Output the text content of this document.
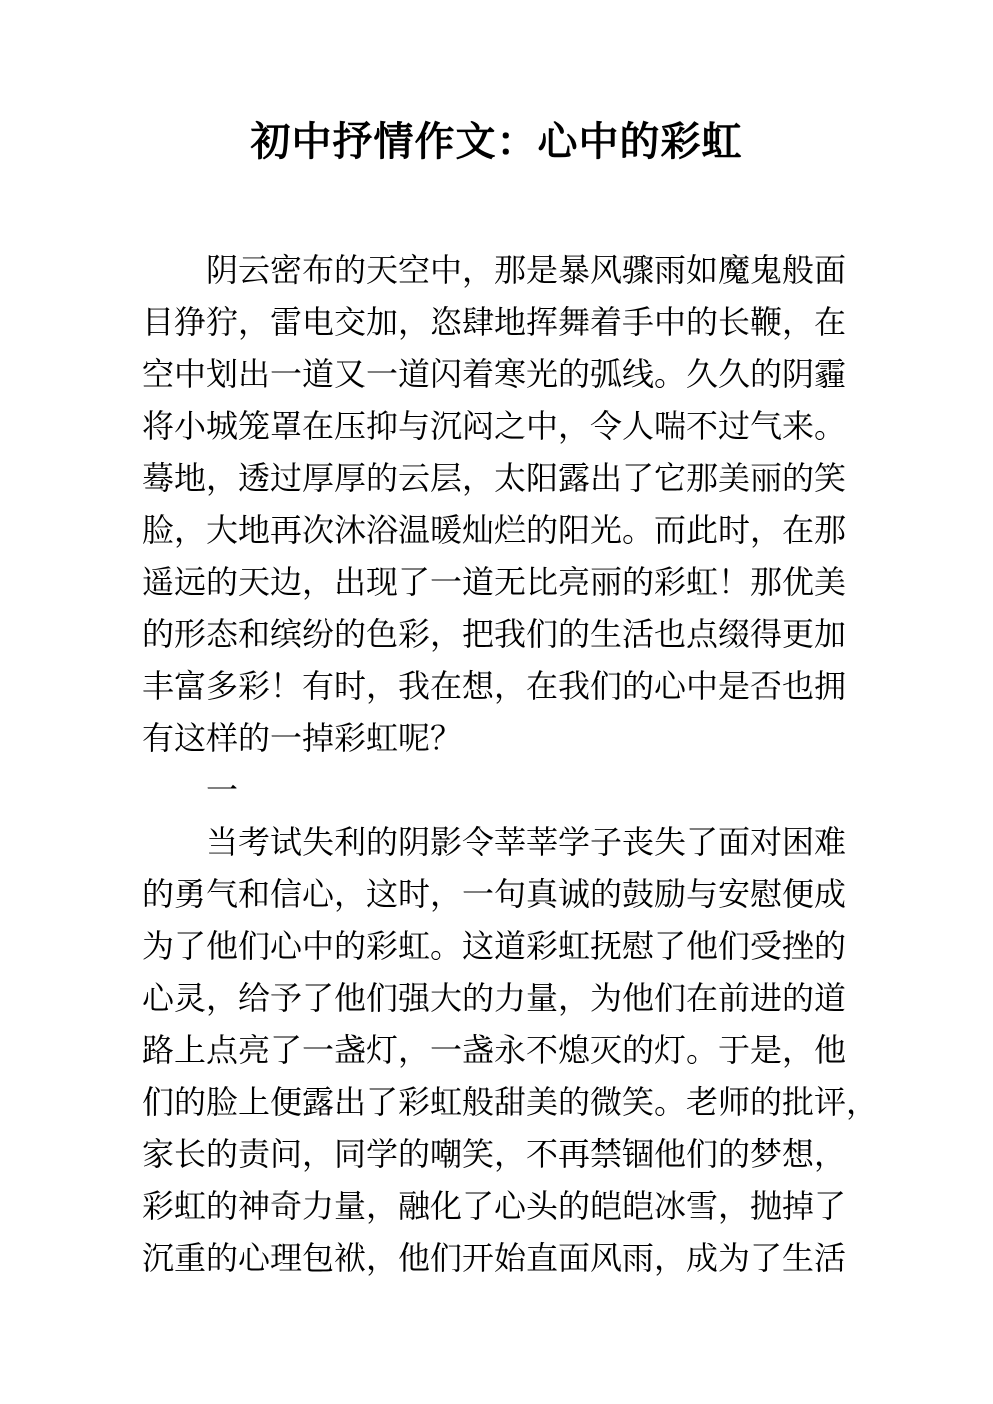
初中抒情作文：心中的彩虹
阴云密布的天空中，那是暴风骤雨如魔鬼般面
目狰狞，雷电交加，恣肆地挥舞着手中的长鞭，在
空中划出一道又一道闪着寒光的弧线。久久的阴霾
将小城笼罩在压抑与沉闷之中，令人喘不过气来。
蓦地，透过厚厚的云层，太阳露出了它那美丽的笑
脸，大地再次沐浴温暖灿烂的阳光。而此时，在那
遥远的天边，出现了一道无比亮丽的彩虹！那优美
的形态和缤纷的色彩，把我们的生活也点缀得更加
丰富多彩！有时，我在想，在我们的心中是否也拥
有这样的一掉彩虹呢？
一
当考试失利的阴影令莘莘学子丧失了面对困难
的勇气和信心，这时，一句真诚的鼓励与安慰便成
为了他们心中的彩虹。这道彩虹抚慰了他们受挫的
心灵，给予了他们强大的力量，为他们在前进的道
路上点亮了一盏灯，一盏永不熄灭的灯。于是，他
们的脸上便露出了彩虹般甜美的微笑。老师的批评，
家长的责问，同学的嘲笑，不再禁锢他们的梦想，
彩虹的神奇力量，融化了心头的皑皑冰雪，抛掉了
沉重的心理包袱，他们开始直面风雨，成为了生活
